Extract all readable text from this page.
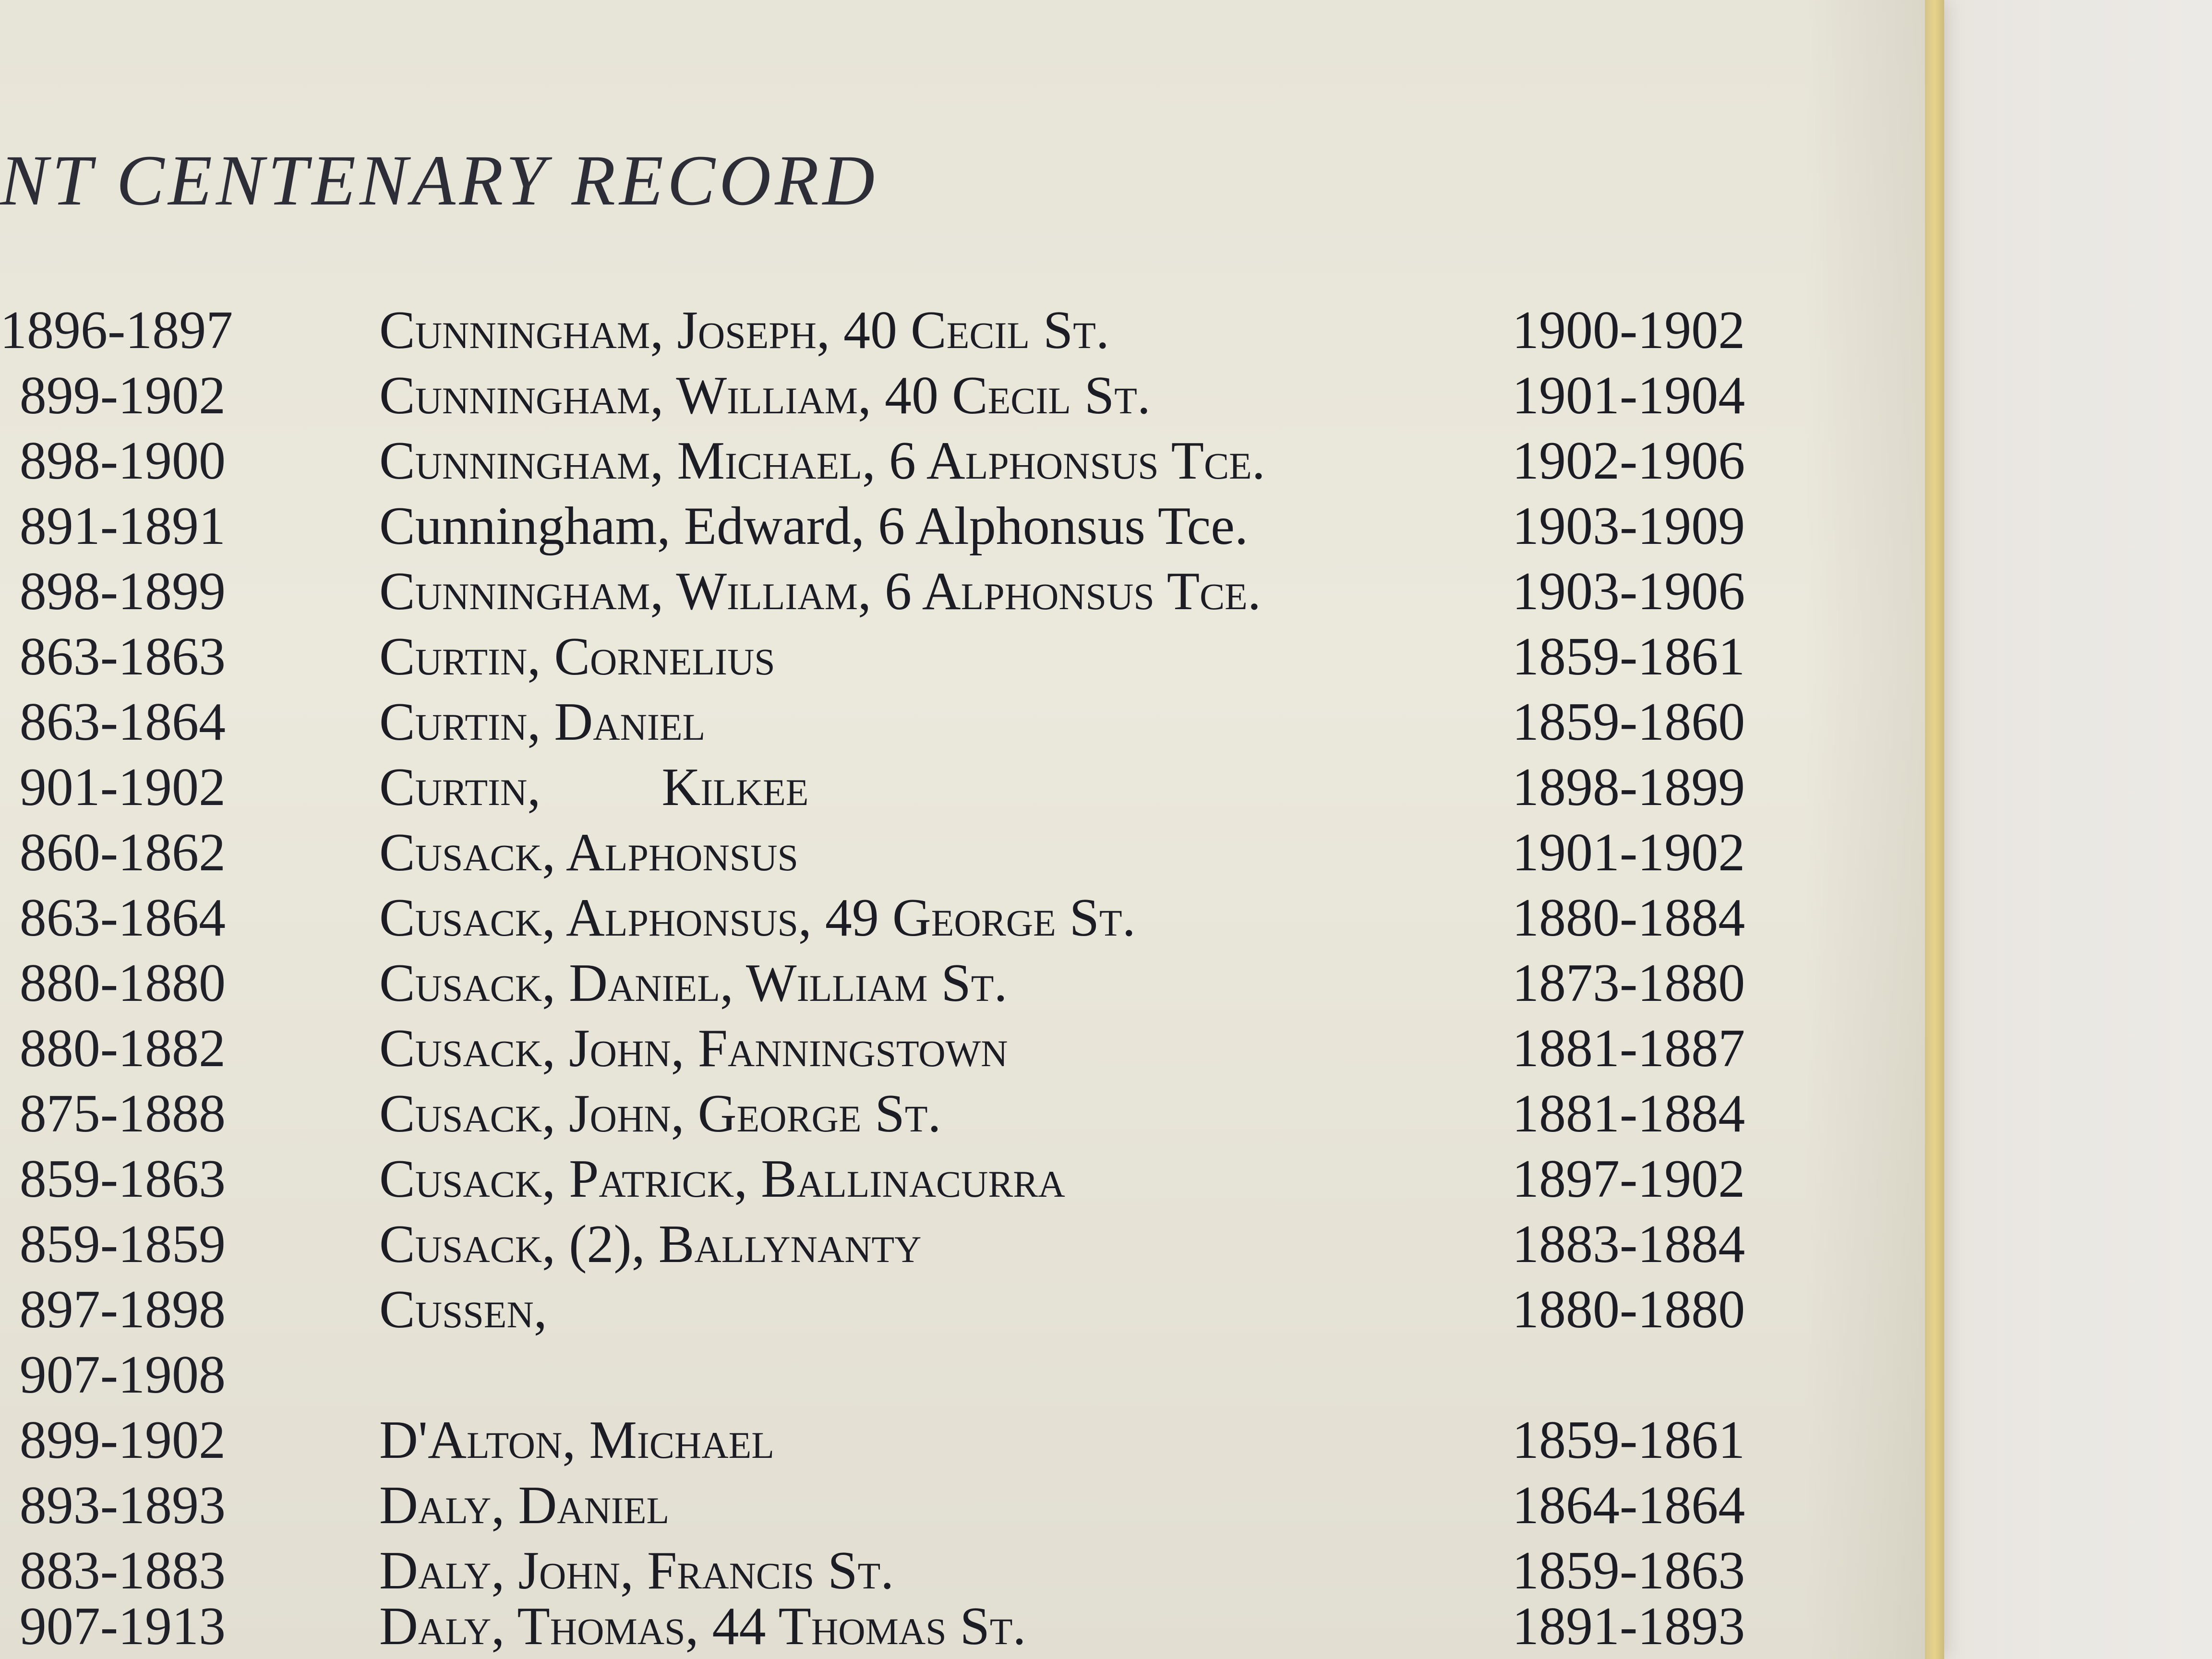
NT CENTENARY RECORD
1896-1897	Cunningham, Joseph, 40 Cecil St.	1900-1902
899-1902	Cunningham, William, 40 Cecil St.	1901-1904
898-1900	Cunningham, Michael, 6 Alphonsus Tce.	1902-1906
891-1891	Cunningham, Edward, 6 Alphonsus Tce.	1903-1909
898-1899	Cunningham, William, 6 Alphonsus Tce.	1903-1906
863-1863	Curtin, Cornelius	1859-1861
863-1864	Curtin, Daniel	1859-1860
901-1902	Curtin,         Kilkee	1898-1899
860-1862	Cusack, Alphonsus	1901-1902
863-1864	Cusack, Alphonsus, 49 George St.	1880-1884
880-1880	Cusack, Daniel, William St.	1873-1880
880-1882	Cusack, John, Fanningstown	1881-1887
875-1888	Cusack, John, George St.	1881-1884
859-1863	Cusack, Patrick, Ballinacurra	1897-1902
859-1859	Cusack, (2), Ballynanty	1883-1884
897-1898	Cussen,	1880-1880
907-1908
899-1902	D'Alton, Michael	1859-1861
893-1893	Daly, Daniel	1864-1864
883-1883	Daly, John, Francis St.	1859-1863
907-1913	Daly, Thomas, 44 Thomas St.	1891-1893
